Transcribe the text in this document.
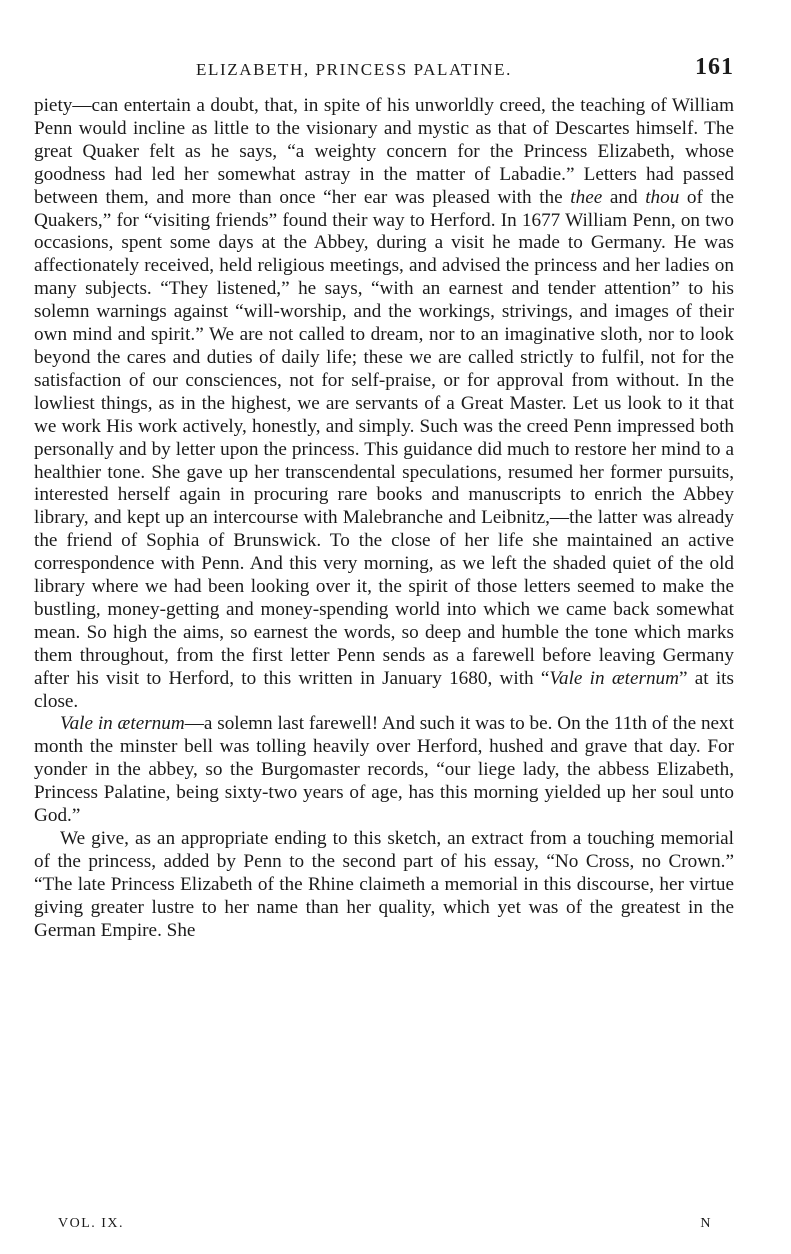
ELIZABETH, PRINCESS PALATINE.	161

piety—can entertain a doubt, that, in spite of his unworldly creed, the teaching of William Penn would incline as little to the visionary and mystic as that of Descartes himself. The great Quaker felt as he says, “a weighty concern for the Princess Elizabeth, whose goodness had led her somewhat astray in the matter of Labadie.” Letters had passed between them, and more than once “her ear was pleased with the thee and thou of the Quakers,” for “visiting friends” found their way to Herford. In 1677 William Penn, on two occasions, spent some days at the Abbey, during a visit he made to Germany. He was affectionately received, held religious meetings, and advised the princess and her ladies on many subjects. “They listened,” he says, “with an earnest and tender attention” to his solemn warnings against “will-worship, and the workings, strivings, and images of their own mind and spirit.” We are not called to dream, nor to an imaginative sloth, nor to look beyond the cares and duties of daily life; these we are called strictly to fulfil, not for the satisfaction of our consciences, not for self-praise, or for approval from without. In the lowliest things, as in the highest, we are servants of a Great Master. Let us look to it that we work His work actively, honestly, and simply. Such was the creed Penn impressed both personally and by letter upon the princess. This guidance did much to restore her mind to a healthier tone. She gave up her transcendental speculations, resumed her former pursuits, interested herself again in procuring rare books and manuscripts to enrich the Abbey library, and kept up an intercourse with Malebranche and Leibnitz,—the latter was already the friend of Sophia of Brunswick. To the close of her life she maintained an active correspondence with Penn. And this very morning, as we left the shaded quiet of the old library where we had been looking over it, the spirit of those letters seemed to make the bustling, money-getting and money-spending world into which we came back somewhat mean. So high the aims, so earnest the words, so deep and humble the tone which marks them throughout, from the first letter Penn sends as a farewell before leaving Germany after his visit to Herford, to this written in January 1680, with “Vale in æternum” at its close.

Vale in æternum—a solemn last farewell! And such it was to be. On the 11th of the next month the minster bell was tolling heavily over Herford, hushed and grave that day. For yonder in the abbey, so the Burgomaster records, “our liege lady, the abbess Elizabeth, Princess Palatine, being sixty-two years of age, has this morning yielded up her soul unto God.”

We give, as an appropriate ending to this sketch, an extract from a touching memorial of the princess, added by Penn to the second part of his essay, “No Cross, no Crown.” “The late Princess Elizabeth of the Rhine claimeth a memorial in this discourse, her virtue giving greater lustre to her name than her quality, which yet was of the greatest in the German Empire. She

VOL. IX.	N
